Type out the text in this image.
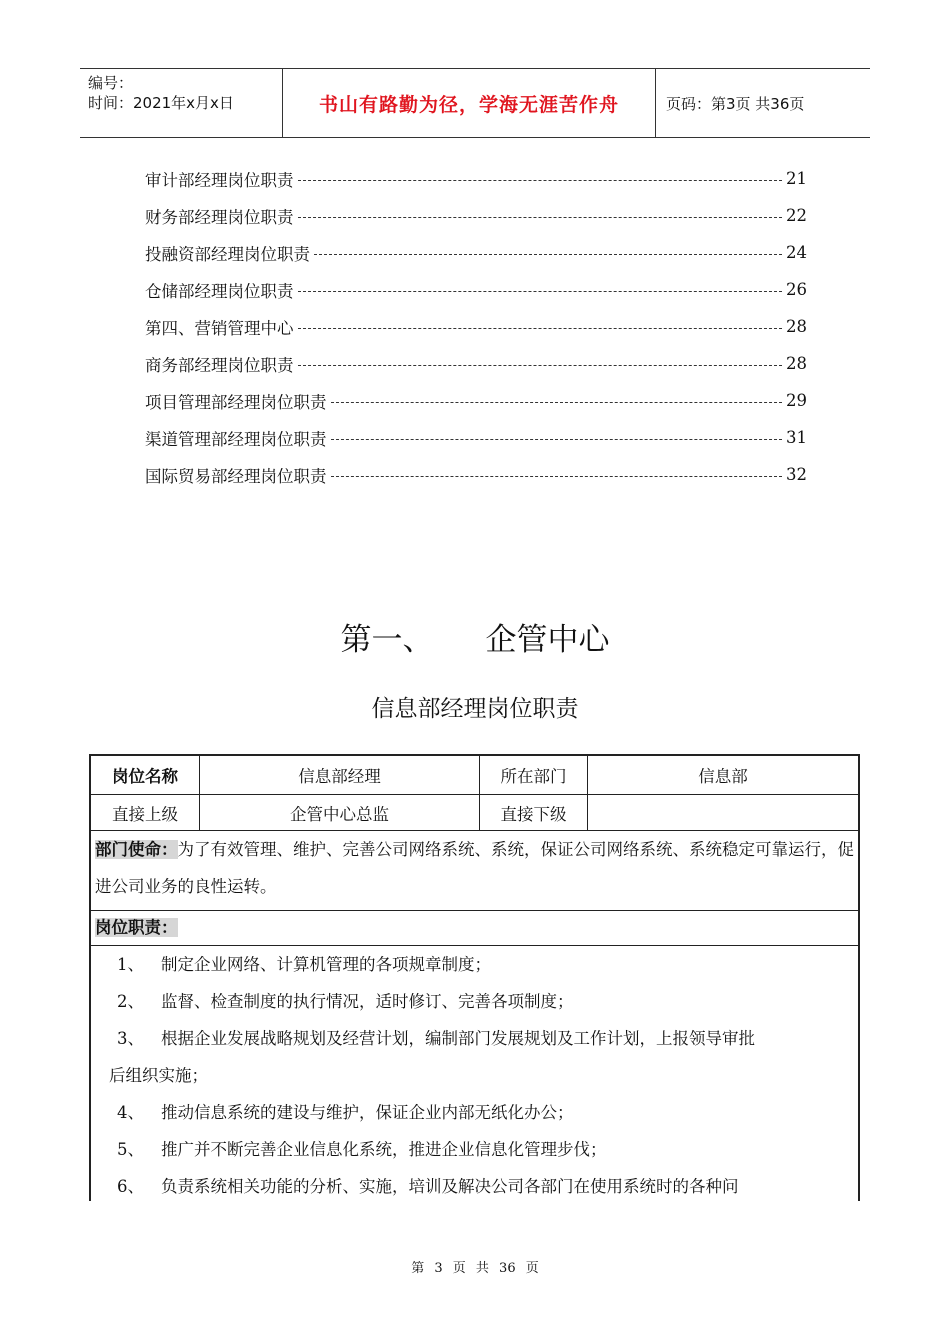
编号：
时间：2021年x月x日	书山有路勤为径，学海无涯苦作舟	页码：第3页 共36页
审计部经理岗位职责	21
财务部经理岗位职责	22
投融资部经理岗位职责	24
仓储部经理岗位职责	26
第四、营销管理中心	28
商务部经理岗位职责	28
项目管理部经理岗位职责	29
渠道管理部经理岗位职责	31
国际贸易部经理岗位职责	32
第一、 企管中心
信息部经理岗位职责
岗位名称	信息部经理	所在部门	信息部
直接上级	企管中心总监	直接下级
部门使命：为了有效管理、维护、完善公司网络系统、系统，保证公司网络系统、系统稳定可靠运行，促进公司业务的良性运转。
岗位职责：
1、	制定企业网络、计算机管理的各项规章制度；
2、	监督、检查制度的执行情况，适时修订、完善各项制度；
3、	根据企业发展战略规划及经营计划，编制部门发展规划及工作计划，上报领导审批
后组织实施；
4、	推动信息系统的建设与维护，保证企业内部无纸化办公；
5、	推广并不断完善企业信息化系统，推进企业信息化管理步伐；
6、	负责系统相关功能的分析、实施，培训及解决公司各部门在使用系统时的各种问
第 3 页 共 36 页
